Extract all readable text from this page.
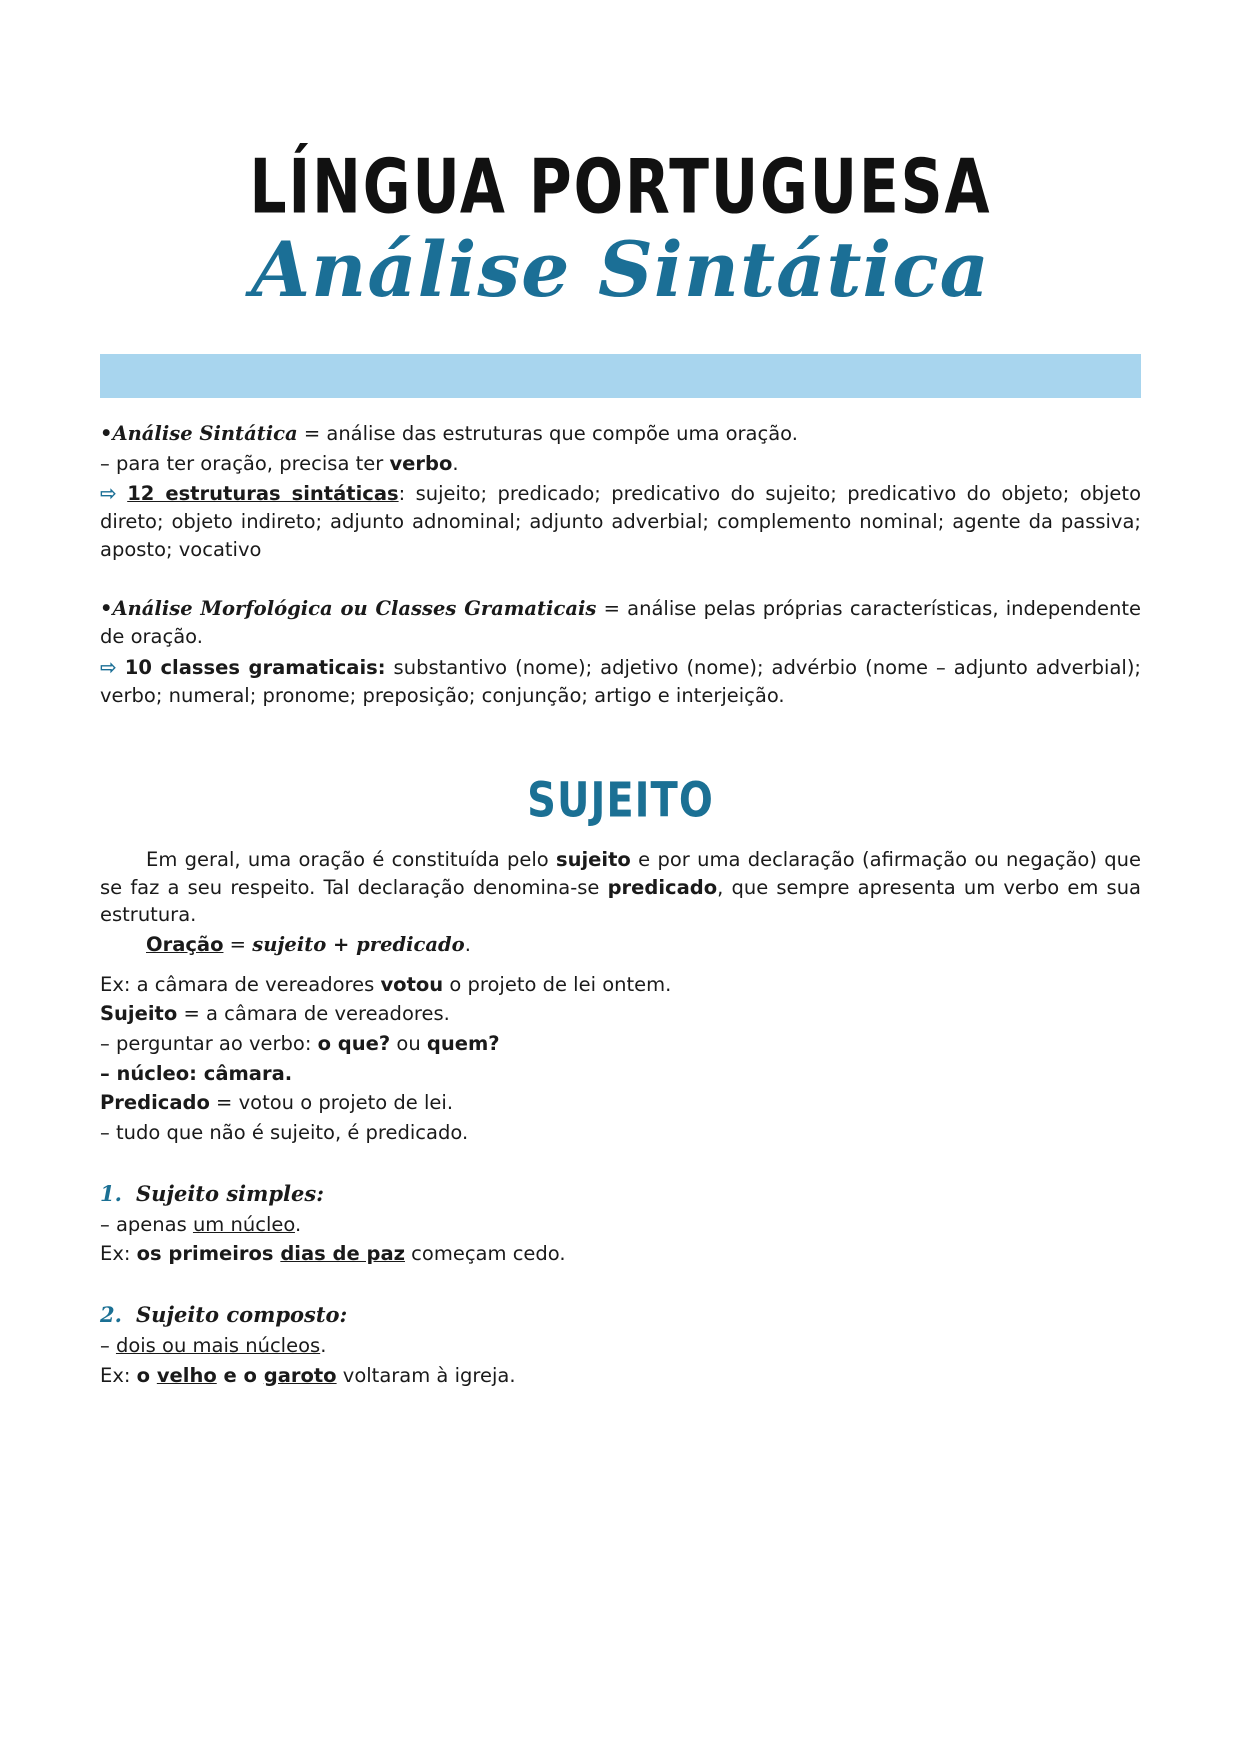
LÍNGUA PORTUGUESA
Análise Sintática

•Análise Sintática = análise das estruturas que compõe uma oração.

– para ter oração, precisa ter verbo.

⇨ 12 estruturas sintáticas: sujeito; predicado; predicativo do sujeito; predicativo do objeto; objeto direto; objeto indireto; adjunto adnominal; adjunto adverbial; complemento nominal; agente da passiva; aposto; vocativo

•Análise Morfológica ou Classes Gramaticais = análise pelas próprias características, independente de oração.

⇨ 10 classes gramaticais: substantivo (nome); adjetivo (nome); advérbio (nome – adjunto adverbial); verbo; numeral; pronome; preposição; conjunção; artigo e interjeição.

SUJEITO

Em geral, uma oração é constituída pelo sujeito e por uma declaração (afirmação ou negação) que se faz a seu respeito. Tal declaração denomina-se predicado, que sempre apresenta um verbo em sua estrutura.

Oração = sujeito + predicado.

Ex: a câmara de vereadores votou o projeto de lei ontem.

Sujeito = a câmara de vereadores.

– perguntar ao verbo: o que? ou quem?

– núcleo: câmara.

Predicado = votou o projeto de lei.

– tudo que não é sujeito, é predicado.

1. Sujeito simples:

– apenas um núcleo.

Ex: os primeiros dias de paz começam cedo.

2. Sujeito composto:

– dois ou mais núcleos.

Ex: o velho e o garoto voltaram à igreja.
